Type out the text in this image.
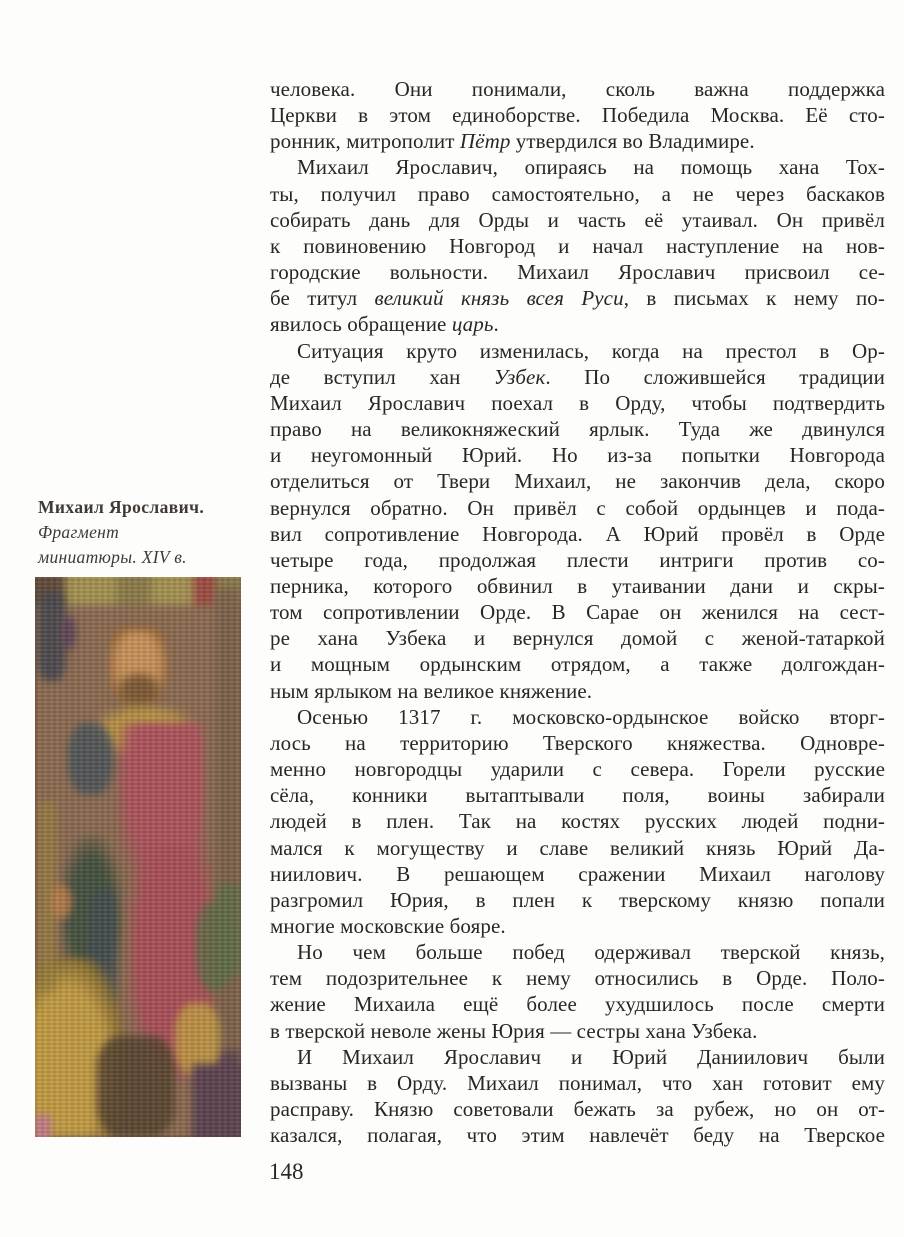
Михаил Ярославич.
Фрагмент
миниатюры. XIV в.
человека. Они понимали, сколь важна поддержка
Церкви в этом единоборстве. Победила Москва. Её сто-
ронник, митрополит Пётр утвердился во Владимире.
Михаил Ярославич, опираясь на помощь хана Тох-
ты, получил право самостоятельно, а не через баскаков
собирать дань для Орды и часть её утаивал. Он привёл
к повиновению Новгород и начал наступление на нов-
городские вольности. Михаил Ярославич присвоил се-
бе титул великий князь всея Руси, в письмах к нему по-
явилось обращение царь.
Ситуация круто изменилась, когда на престол в Ор-
де вступил хан Узбек. По сложившейся традиции
Михаил Ярославич поехал в Орду, чтобы подтвердить
право на великокняжеский ярлык. Туда же двинулся
и неугомонный Юрий. Но из-за попытки Новгорода
отделиться от Твери Михаил, не закончив дела, скоро
вернулся обратно. Он привёл с собой ордынцев и пода-
вил сопротивление Новгорода. А Юрий провёл в Орде
четыре года, продолжая плести интриги против со-
перника, которого обвинил в утаивании дани и скры-
том сопротивлении Орде. В Сарае он женился на сест-
ре хана Узбека и вернулся домой с женой-татаркой
и мощным ордынским отрядом, а также долгождан-
ным ярлыком на великое княжение.
Осенью 1317 г. московско-ордынское войско вторг-
лось на территорию Тверского княжества. Одновре-
менно новгородцы ударили с севера. Горели русские
сёла, конники вытаптывали поля, воины забирали
людей в плен. Так на костях русских людей подни-
мался к могуществу и славе великий князь Юрий Да-
ниилович. В решающем сражении Михаил наголову
разгромил Юрия, в плен к тверскому князю попали
многие московские бояре.
Но чем больше побед одерживал тверской князь,
тем подозрительнее к нему относились в Орде. Поло-
жение Михаила ещё более ухудшилось после смерти
в тверской неволе жены Юрия — сестры хана Узбека.
И Михаил Ярославич и Юрий Даниилович были
вызваны в Орду. Михаил понимал, что хан готовит ему
расправу. Князю советовали бежать за рубеж, но он от-
казался, полагая, что этим навлечёт беду на Тверское
148
